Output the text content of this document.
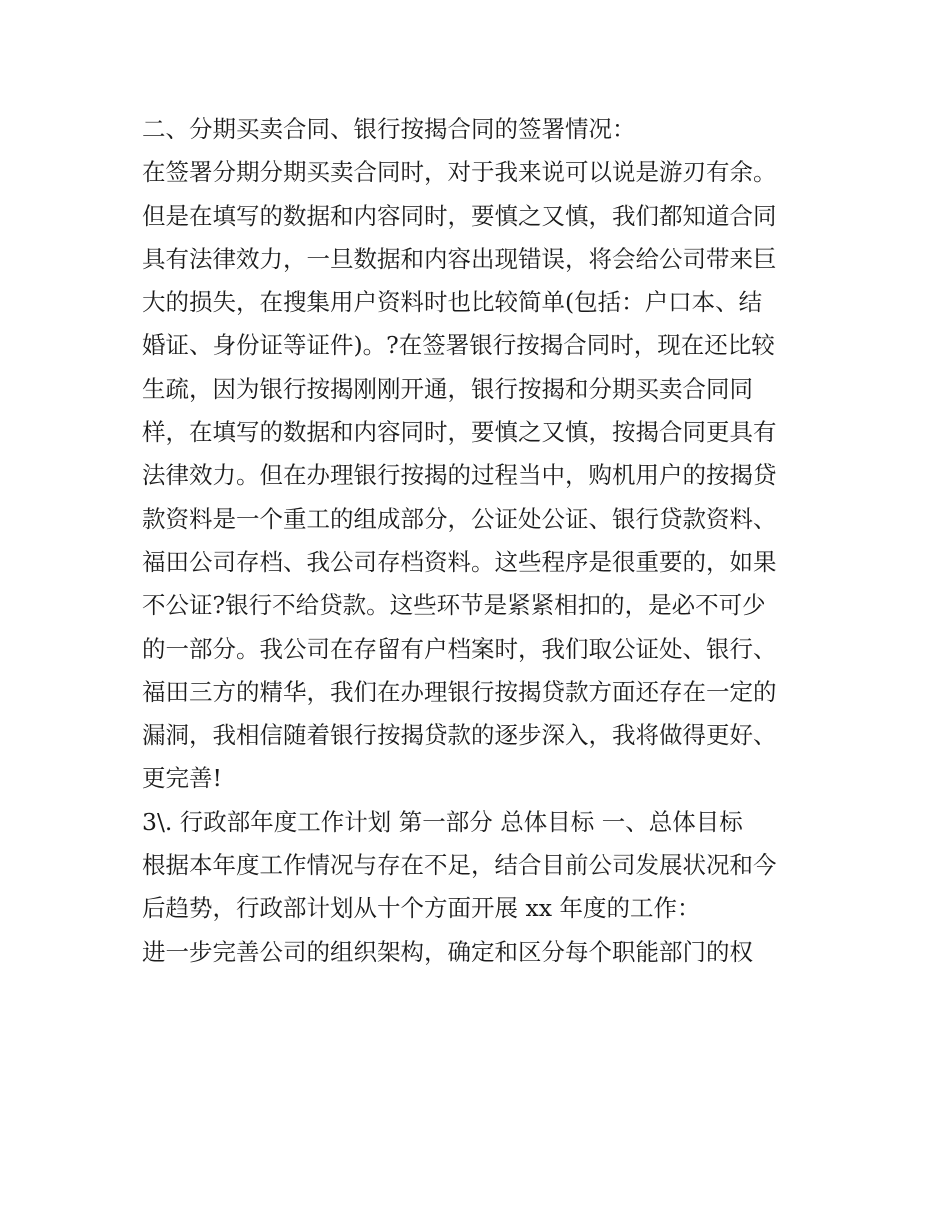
二、分期买卖合同、银行按揭合同的签署情况：
在签署分期分期买卖合同时，对于我来说可以说是游刃有余。
但是在填写的数据和内容同时，要慎之又慎，我们都知道合同
具有法律效力，一旦数据和内容出现错误，将会给公司带来巨
大的损失，在搜集用户资料时也比较简单(包括：户口本、结
婚证、身份证等证件)。?在签署银行按揭合同时，现在还比较
生疏，因为银行按揭刚刚开通，银行按揭和分期买卖合同同
样，在填写的数据和内容同时，要慎之又慎，按揭合同更具有
法律效力。但在办理银行按揭的过程当中，购机用户的按揭贷
款资料是一个重工的组成部分，公证处公证、银行贷款资料、
福田公司存档、我公司存档资料。这些程序是很重要的，如果
不公证?银行不给贷款。这些环节是紧紧相扣的，是必不可少
的一部分。我公司在存留有户档案时，我们取公证处、银行、
福田三方的精华，我们在办理银行按揭贷款方面还存在一定的
漏洞，我相信随着银行按揭贷款的逐步深入，我将做得更好、
更完善!
3\. 行政部年度工作计划 第一部分 总体目标 一、总体目标
根据本年度工作情况与存在不足，结合目前公司发展状况和今
后趋势，行政部计划从十个方面开展 xx 年度的工作：
进一步完善公司的组织架构，确定和区分每个职能部门的权
